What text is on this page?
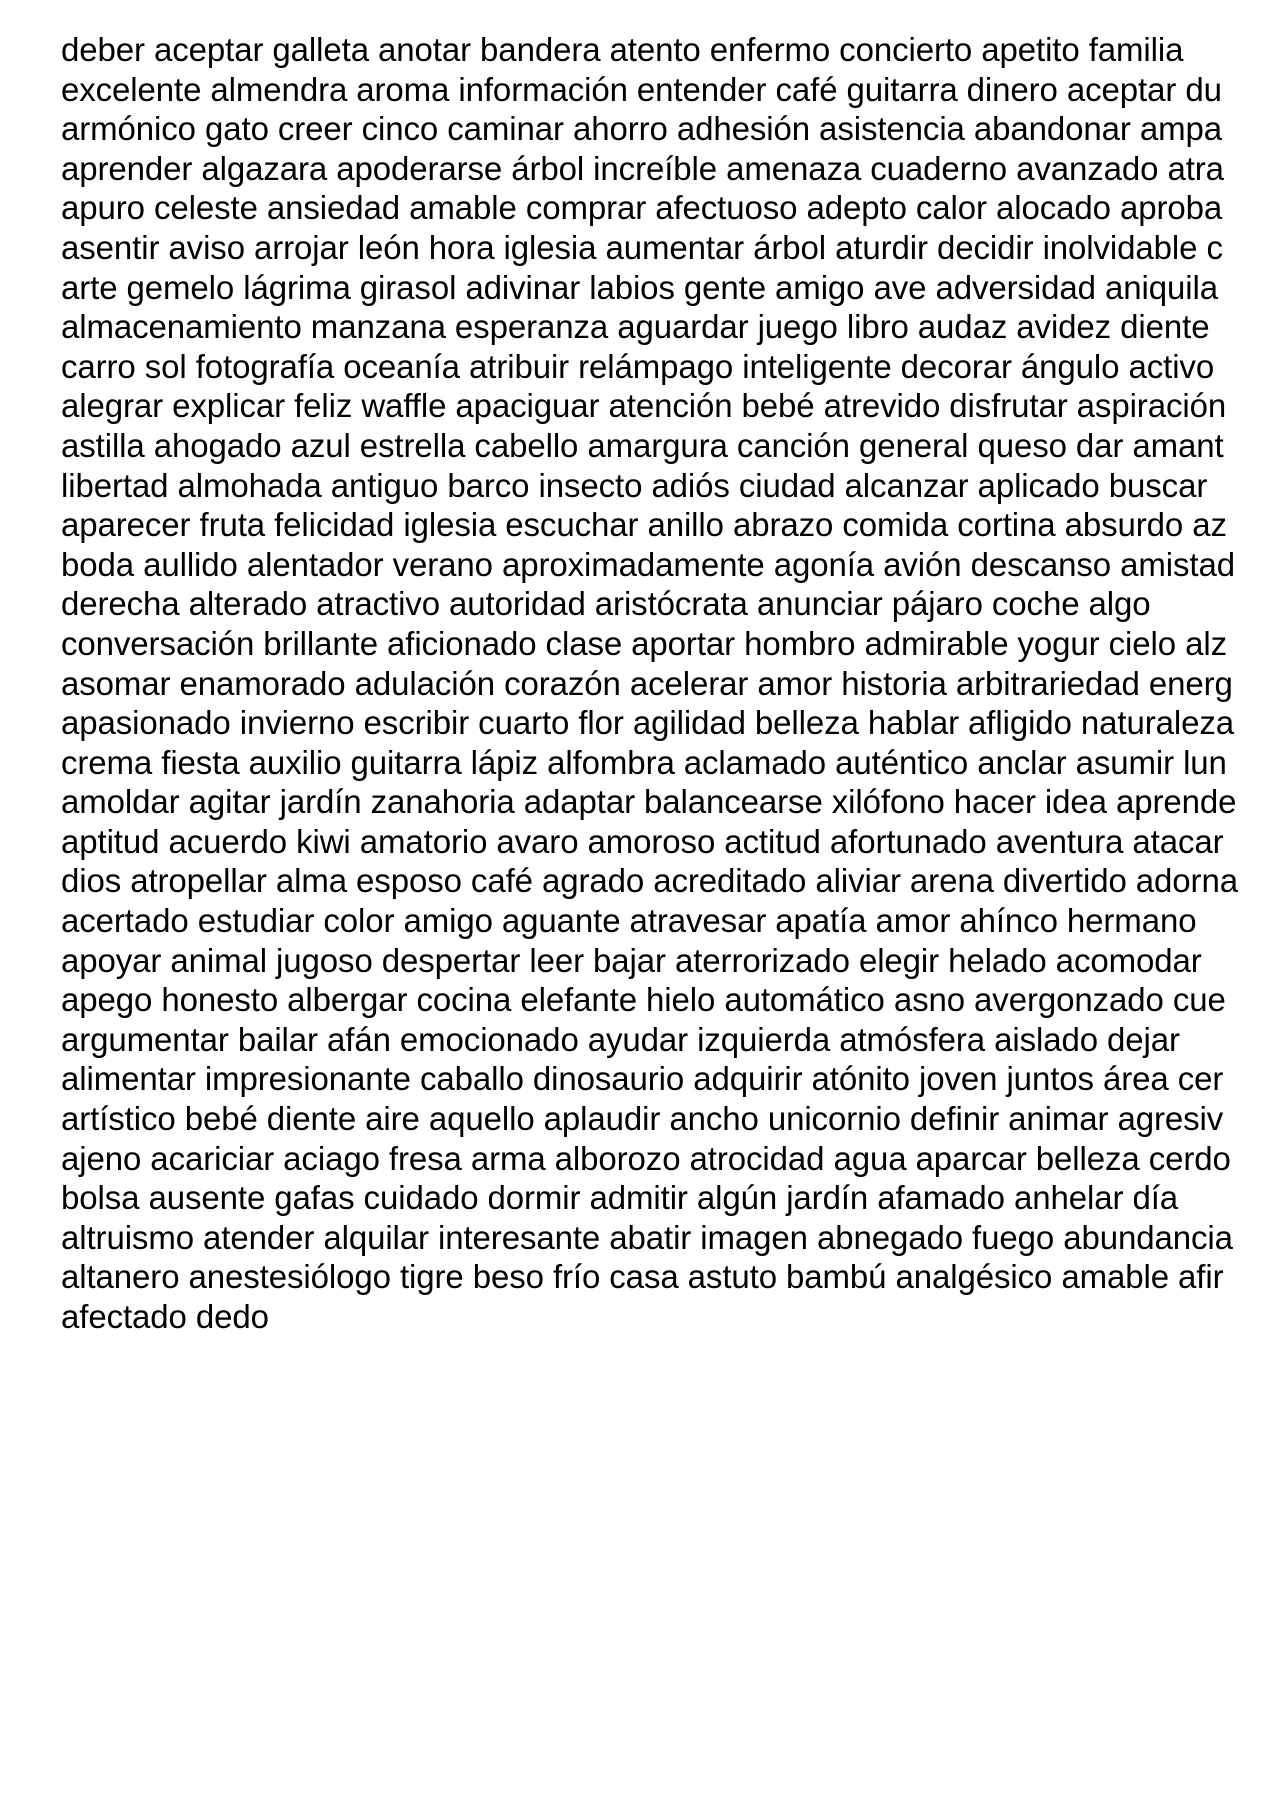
deber aceptar galleta anotar bandera atento enfermo concierto apetito familia
excelente almendra aroma información entender café guitarra dinero aceptar du
armónico gato creer cinco caminar ahorro adhesión asistencia abandonar ampa
aprender algazara apoderarse árbol increíble amenaza cuaderno avanzado atra
apuro celeste ansiedad amable comprar afectuoso adepto calor alocado aproba
asentir aviso arrojar león hora iglesia aumentar árbol aturdir decidir inolvidable c
arte gemelo lágrima girasol adivinar labios gente amigo ave adversidad aniquila
almacenamiento manzana esperanza aguardar juego libro audaz avidez diente
carro sol fotografía oceanía atribuir relámpago inteligente decorar ángulo activo
alegrar explicar feliz waffle apaciguar atención bebé atrevido disfrutar aspiración
astilla ahogado azul estrella cabello amargura canción general queso dar amant
libertad almohada antiguo barco insecto adiós ciudad alcanzar aplicado buscar
aparecer fruta felicidad iglesia escuchar anillo abrazo comida cortina absurdo az
boda aullido alentador verano aproximadamente agonía avión descanso amistad
derecha alterado atractivo autoridad aristócrata anunciar pájaro coche algo
conversación brillante aficionado clase aportar hombro admirable yogur cielo alz
asomar enamorado adulación corazón acelerar amor historia arbitrariedad energ
apasionado invierno escribir cuarto flor agilidad belleza hablar afligido naturaleza
crema fiesta auxilio guitarra lápiz alfombra aclamado auténtico anclar asumir lun
amoldar agitar jardín zanahoria adaptar balancearse xilófono hacer idea aprende
aptitud acuerdo kiwi amatorio avaro amoroso actitud afortunado aventura atacar
dios atropellar alma esposo café agrado acreditado aliviar arena divertido adorna
acertado estudiar color amigo aguante atravesar apatía amor ahínco hermano
apoyar animal jugoso despertar leer bajar aterrorizado elegir helado acomodar
apego honesto albergar cocina elefante hielo automático asno avergonzado cue
argumentar bailar afán emocionado ayudar izquierda atmósfera aislado dejar
alimentar impresionante caballo dinosaurio adquirir atónito joven juntos área cer
artístico bebé diente aire aquello aplaudir ancho unicornio definir animar agresiv
ajeno acariciar aciago fresa arma alborozo atrocidad agua aparcar belleza cerdo
bolsa ausente gafas cuidado dormir admitir algún jardín afamado anhelar día
altruismo atender alquilar interesante abatir imagen abnegado fuego abundancia
altanero anestesiólogo tigre beso frío casa astuto bambú analgésico amable afir
afectado dedo
